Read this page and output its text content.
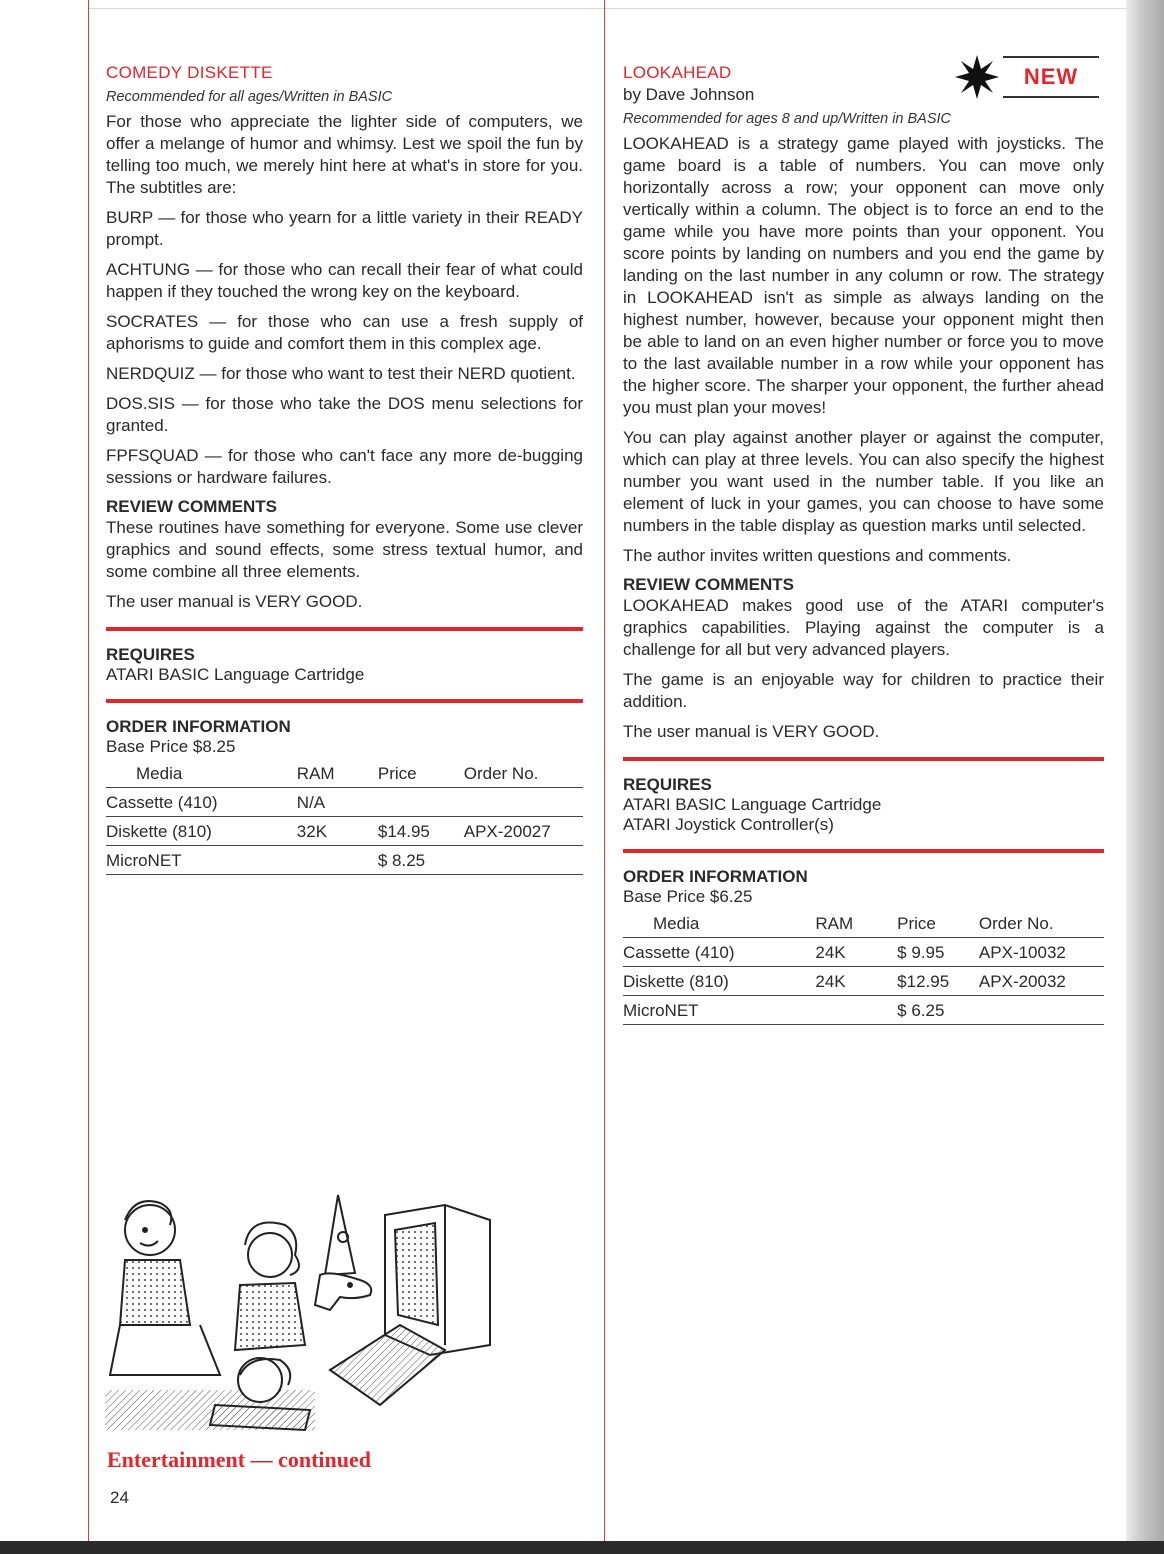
COMEDY DISKETTE
Recommended for all ages/Written in BASIC

For those who appreciate the lighter side of computers, we offer a melange of humor and whimsy. Lest we spoil the fun by telling too much, we merely hint here at what's in store for you. The subtitles are:

BURP — for those who yearn for a little variety in their READY prompt.

ACHTUNG — for those who can recall their fear of what could happen if they touched the wrong key on the keyboard.

SOCRATES — for those who can use a fresh supply of aphorisms to guide and comfort them in this complex age.

NERDQUIZ — for those who want to test their NERD quotient.

DOS.SIS — for those who take the DOS menu selections for granted.

FPFSQUAD — for those who can't face any more de-bugging sessions or hardware failures.

REVIEW COMMENTS

These routines have something for everyone. Some use clever graphics and sound effects, some stress textual humor, and some combine all three elements.

The user manual is VERY GOOD.

REQUIRES
ATARI BASIC Language Cartridge
ORDER INFORMATION
Base Price $8.25
Media	RAM	Price	Order No.
Cassette (410)	N/A		
Diskette (810)	32K	$14.95	APX-20027
MicroNET		$ 8.25	
LOOKAHEAD
by Dave Johnson
Recommended for ages 8 and up/Written in BASIC

LOOKAHEAD is a strategy game played with joysticks. The game board is a table of numbers. You can move only horizontally across a row; your opponent can move only vertically within a column. The object is to force an end to the game while you have more points than your opponent. You score points by landing on numbers and you end the game by landing on the last number in any column or row. The strategy in LOOKAHEAD isn't as simple as always landing on the highest number, however, because your opponent might then be able to land on an even higher number or force you to move to the last available number in a row while your opponent has the higher score. The sharper your opponent, the further ahead you must plan your moves!

You can play against another player or against the computer, which can play at three levels. You can also specify the highest number you want used in the number table. If you like an element of luck in your games, you can choose to have some numbers in the table display as question marks until selected.

The author invites written questions and comments.

REVIEW COMMENTS

LOOKAHEAD makes good use of the ATARI computer's graphics capabilities. Playing against the computer is a challenge for all but very advanced players.

The game is an enjoyable way for children to practice their addition.

The user manual is VERY GOOD.

REQUIRES
ATARI BASIC Language Cartridge
ATARI Joystick Controller(s)
ORDER INFORMATION
Base Price $6.25
Media	RAM	Price	Order No.
Cassette (410)	24K	$ 9.95	APX-10032
Diskette (810)	24K	$12.95	APX-20032
MicroNET		$ 6.25	
NEW
Entertainment — continued
24
